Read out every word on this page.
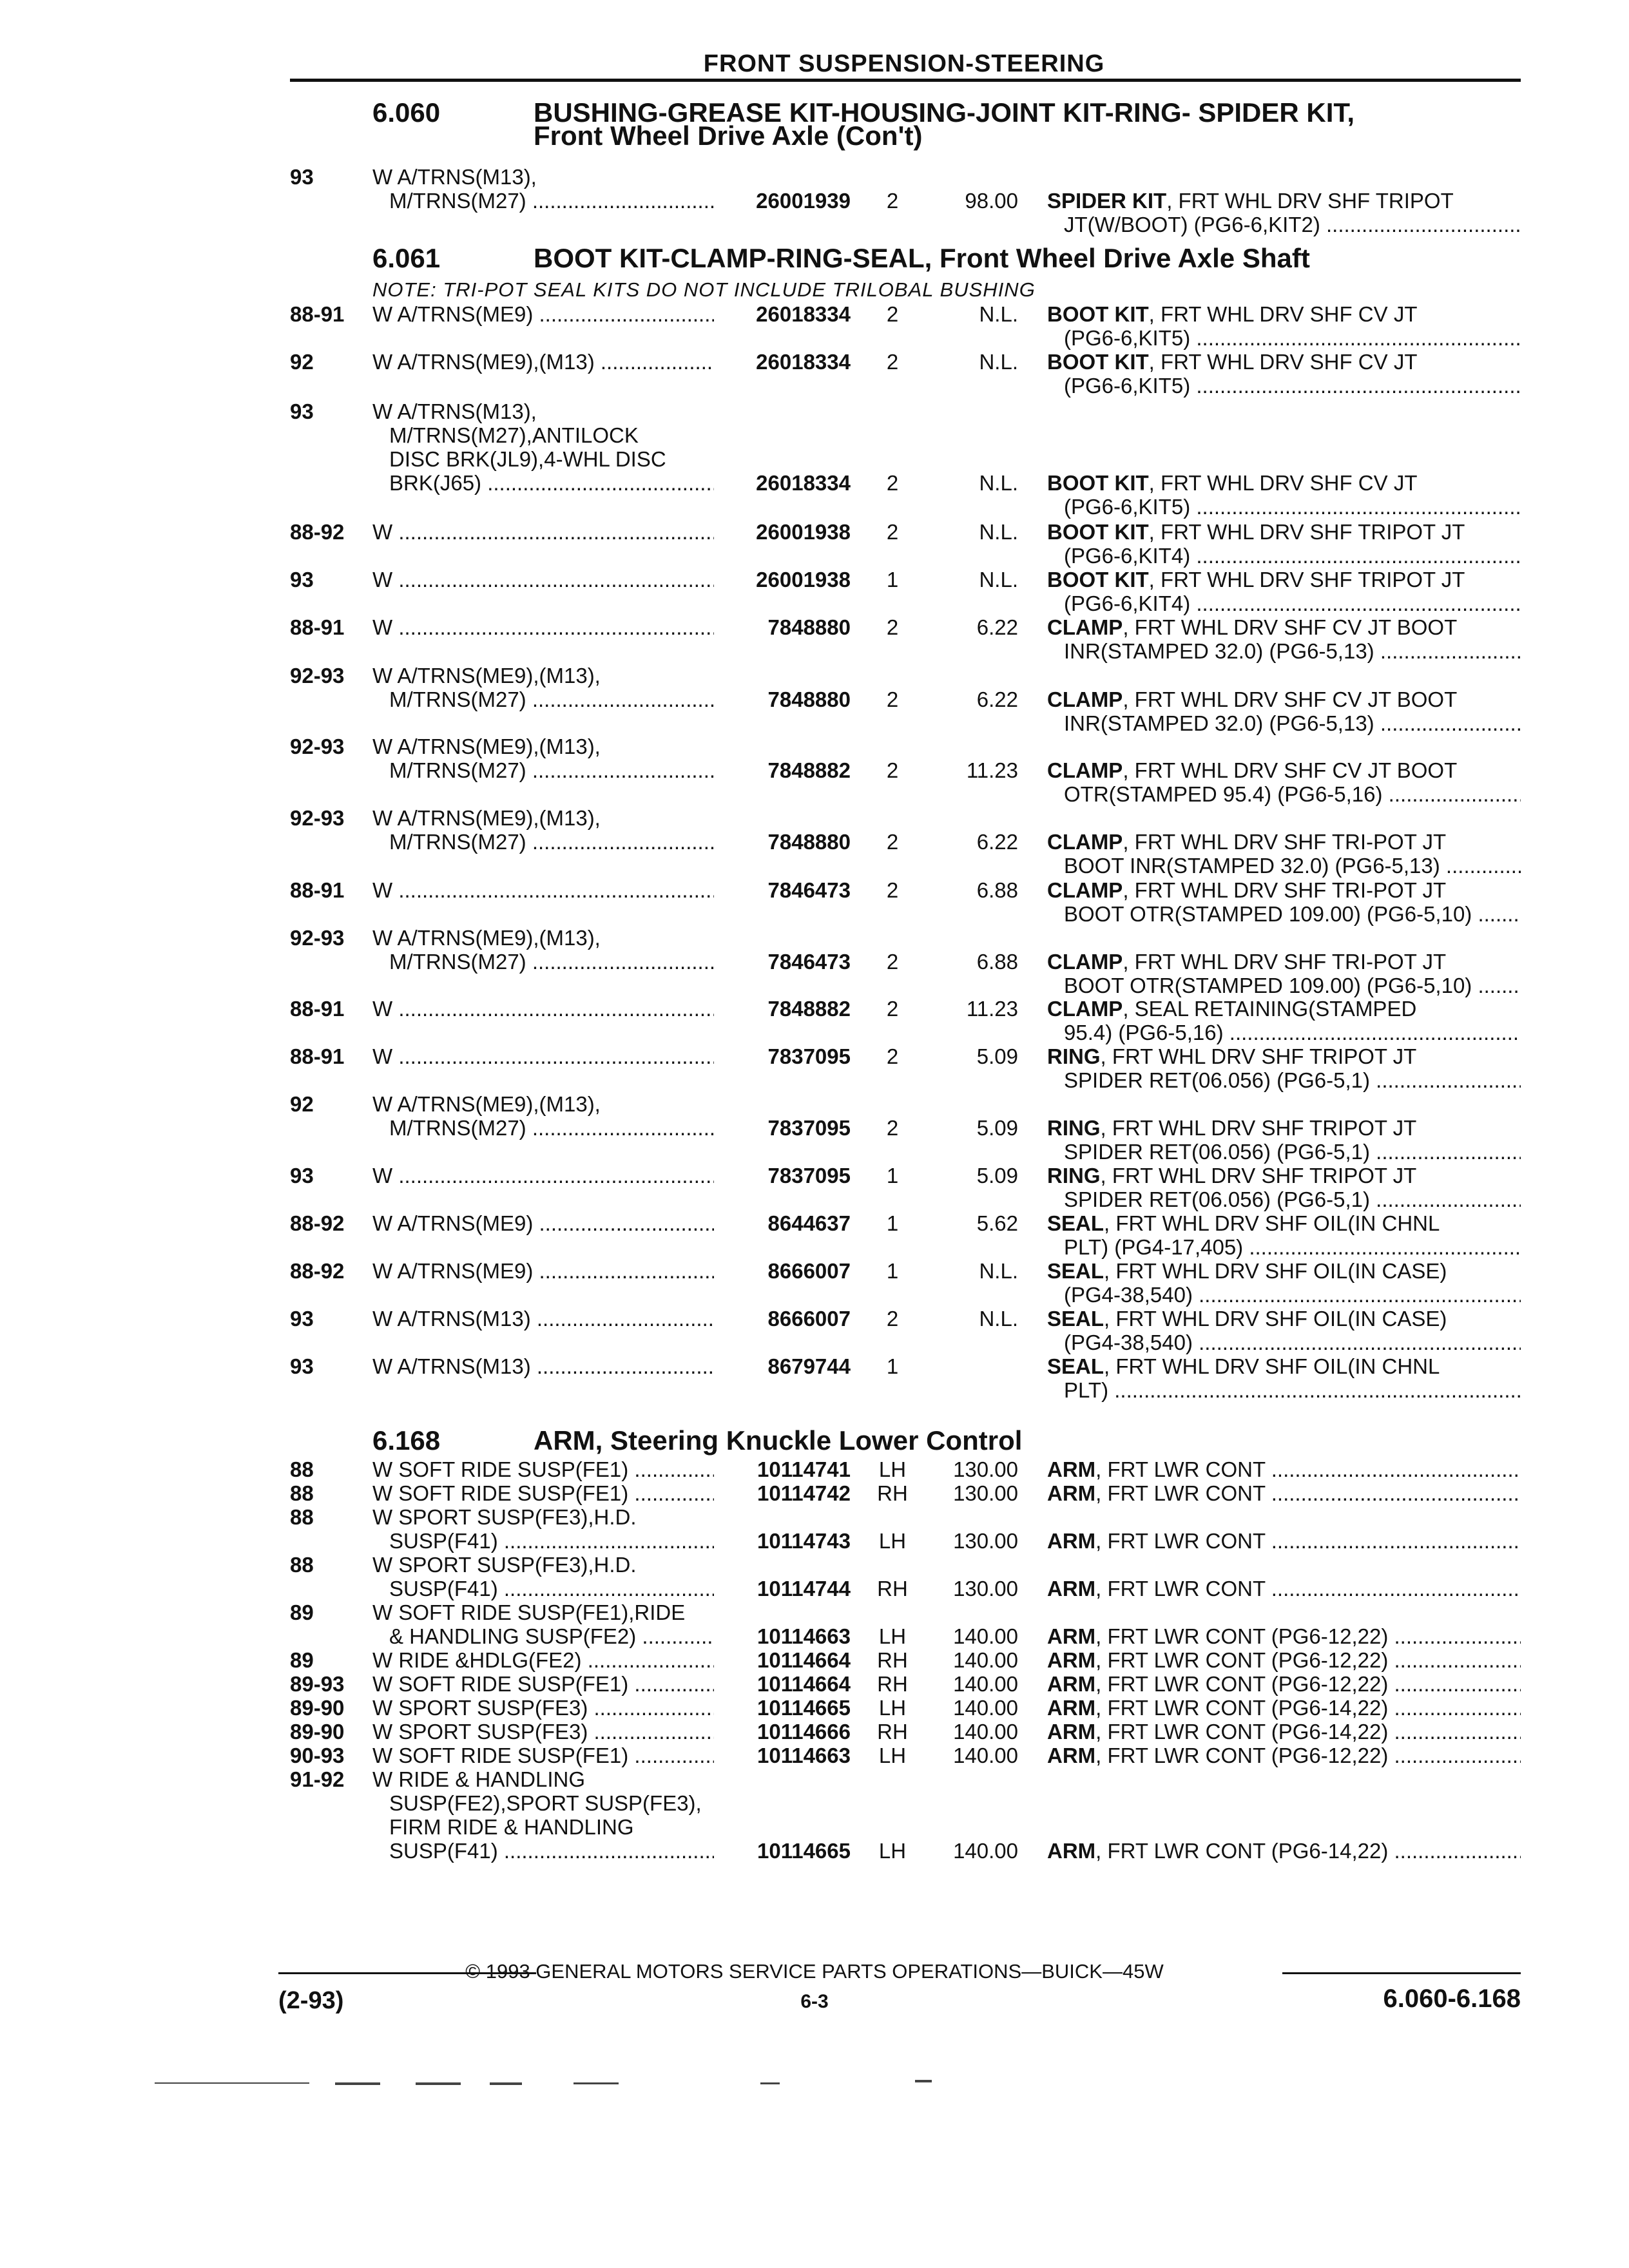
FRONT SUSPENSION-STEERING
6.060	BUSHING-GREASE KIT-HOUSING-JOINT KIT-RING- SPIDER KIT,
Front Wheel Drive Axle (Con't)
93	W A/TRNS(M13),
M/TRNS(M27) .....	26001939	2	98.00 SPIDER KIT, FRT WHL DRV SHF TRIPOT
JT(W/BOOT) (PG6-6,KIT2) .....
6.061	BOOT KIT-CLAMP-RING-SEAL, Front Wheel Drive Axle Shaft
NOTE: TRI-POT SEAL KITS DO NOT INCLUDE TRILOBAL BUSHING
88-91 W A/TRNS(ME9) .....	26018334	2	N.L. BOOT KIT, FRT WHL DRV SHF CV JT
(PG6-6,KIT5) .....
92	W A/TRNS(ME9),(M13) .....	26018334	2	N.L. BOOT KIT, FRT WHL DRV SHF CV JT
(PG6-6,KIT5) .....
93	W A/TRNS(M13),
M/TRNS(M27),ANTILOCK
DISC BRK(JL9),4-WHL DISC
BRK(J65) .....	26018334	2	N.L. BOOT KIT, FRT WHL DRV SHF CV JT
(PG6-6,KIT5) .....
88-92 W .....	26001938	2	N.L. BOOT KIT, FRT WHL DRV SHF TRIPOT JT
(PG6-6,KIT4) .....
93	W .....	26001938	1	N.L. BOOT KIT, FRT WHL DRV SHF TRIPOT JT
(PG6-6,KIT4) .....
88-91 W .....	7848880	2	6.22 CLAMP, FRT WHL DRV SHF CV JT BOOT
INR(STAMPED 32.0) (PG6-5,13) .....
92-93 W A/TRNS(ME9),(M13),
M/TRNS(M27) .....	7848880	2	6.22 CLAMP, FRT WHL DRV SHF CV JT BOOT
INR(STAMPED 32.0) (PG6-5,13) .....
92-93 W A/TRNS(ME9),(M13),
M/TRNS(M27) .....	7848882	2	11.23 CLAMP, FRT WHL DRV SHF CV JT BOOT
OTR(STAMPED 95.4) (PG6-5,16) .....
92-93 W A/TRNS(ME9),(M13),
M/TRNS(M27) .....	7848880	2	6.22 CLAMP, FRT WHL DRV SHF TRI-POT JT
BOOT INR(STAMPED 32.0) (PG6-5,13) .....
88-91 W .....	7846473	2	6.88 CLAMP, FRT WHL DRV SHF TRI-POT JT
BOOT OTR(STAMPED 109.00) (PG6-5,10) .....
92-93 W A/TRNS(ME9),(M13),
M/TRNS(M27) .....	7846473	2	6.88 CLAMP, FRT WHL DRV SHF TRI-POT JT
BOOT OTR(STAMPED 109.00) (PG6-5,10) .....
88-91 W .....	7848882	2	11.23 CLAMP, SEAL RETAINING(STAMPED
95.4) (PG6-5,16) .....
88-91 W .....	7837095	2	5.09 RING, FRT WHL DRV SHF TRIPOT JT
SPIDER RET(06.056) (PG6-5,1) .....
92	W A/TRNS(ME9),(M13),
M/TRNS(M27) .....	7837095	2	5.09 RING, FRT WHL DRV SHF TRIPOT JT
SPIDER RET(06.056) (PG6-5,1) .....
93	W .....	7837095	1	5.09 RING, FRT WHL DRV SHF TRIPOT JT
SPIDER RET(06.056) (PG6-5,1) .....
88-92 W A/TRNS(ME9) .....	8644637	1	5.62 SEAL, FRT WHL DRV SHF OIL(IN CHNL
PLT) (PG4-17,405) .....
88-92 W A/TRNS(ME9) .....	8666007	1	N.L. SEAL, FRT WHL DRV SHF OIL(IN CASE)
(PG4-38,540) .....
93	W A/TRNS(M13) .....	8666007	2	N.L. SEAL, FRT WHL DRV SHF OIL(IN CASE)
(PG4-38,540) .....
93	W A/TRNS(M13) .....	8679744	1	SEAL, FRT WHL DRV SHF OIL(IN CHNL
PLT) .....
6.168	ARM, Steering Knuckle Lower Control
88	W SOFT RIDE SUSP(FE1) .....	10114741	LH	130.00 ARM, FRT LWR CONT .....
88	W SOFT RIDE SUSP(FE1) .....	10114742	RH	130.00 ARM, FRT LWR CONT .....
88	W SPORT SUSP(FE3),H.D.
SUSP(F41) .....	10114743	LH	130.00 ARM, FRT LWR CONT .....
88	W SPORT SUSP(FE3),H.D.
SUSP(F41) .....	10114744	RH	130.00 ARM, FRT LWR CONT .....
89	W SOFT RIDE SUSP(FE1),RIDE
& HANDLING SUSP(FE2) .....	10114663	LH	140.00 ARM, FRT LWR CONT (PG6-12,22) .....
89	W RIDE &HDLG(FE2) .....	10114664	RH	140.00 ARM, FRT LWR CONT (PG6-12,22) .....
89-93 W SOFT RIDE SUSP(FE1) .....	10114664	RH	140.00 ARM, FRT LWR CONT (PG6-12,22) .....
89-90 W SPORT SUSP(FE3) .....	10114665	LH	140.00 ARM, FRT LWR CONT (PG6-14,22) .....
89-90 W SPORT SUSP(FE3) .....	10114666	RH	140.00 ARM, FRT LWR CONT (PG6-14,22) .....
90-93 W SOFT RIDE SUSP(FE1) .....	10114663	LH	140.00 ARM, FRT LWR CONT (PG6-12,22) .....
91-92 W RIDE & HANDLING
SUSP(FE2),SPORT SUSP(FE3),
FIRM RIDE & HANDLING
SUSP(F41) .....	10114665	LH	140.00 ARM, FRT LWR CONT (PG6-14,22) .....
© 1993 GENERAL MOTORS SERVICE PARTS OPERATIONS—BUICK—45W
(2-93)	6-3	6.060-6.168
